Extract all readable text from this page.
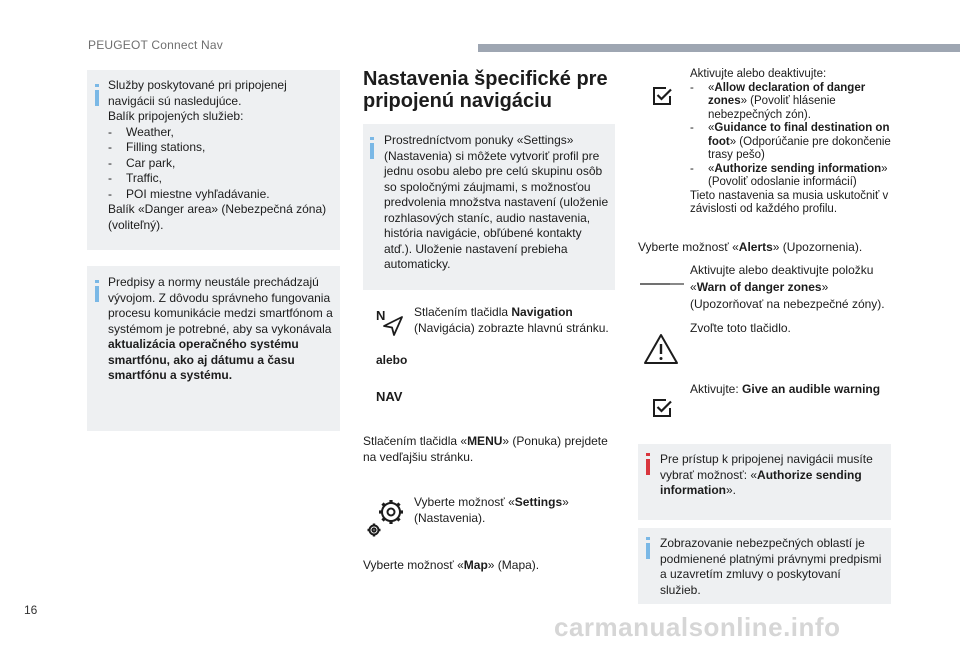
PEUGEOT Connect Nav
Služby poskytované pri pripojenej navigácii sú nasledujúce.
Balík pripojených služieb:
- Weather,
- Filling stations,
- Car park,
- Traffic,
- POI miestne vyhľadávanie.
Balík «Danger area» (Nebezpečná zóna) (voliteľný).
Predpisy a normy neustále prechádzajú vývojom. Z dôvodu správneho fungovania procesu komunikácie medzi smartfónom a systémom je potrebné, aby sa vykonávala aktualizácia operačného systému smartfónu, ako aj dátumu a času smartfónu a systému.
Nastavenia špecifické pre pripojenú navigáciu
Prostredníctvom ponuky «Settings» (Nastavenia) si môžete vytvoriť profil pre jednu osobu alebo pre celú skupinu osôb so spoločnými záujmami, s možnosťou predvolenia množstva nastavení (uloženie rozhlasových staníc, audio nastavenia, história navigácie, obľúbené kontakty atď.). Uloženie nastavení prebieha automaticky.
N
alebo
NAV
Stlačením tlačidla Navigation (Navigácia) zobrazte hlavnú stránku.
Stlačením tlačidla «MENU» (Ponuka) prejdete na vedľajšiu stránku.
Vyberte možnosť «Settings» (Nastavenia).
Vyberte možnosť «Map» (Mapa).
Aktivujte alebo deaktivujte:
- «Allow declaration of danger zones» (Povoliť hlásenie nebezpečných zón).
- «Guidance to final destination on foot» (Odporúčanie pre dokončenie trasy pešo)
- «Authorize sending information» (Povoliť odoslanie informácií)
Tieto nastavenia sa musia uskutočniť v závislosti od každého profilu.
Vyberte možnosť «Alerts» (Upozornenia).
Aktivujte alebo deaktivujte položku «Warn of danger zones» (Upozorňovať na nebezpečné zóny).
Zvoľte toto tlačidlo.
Aktivujte: Give an audible warning
Pre prístup k pripojenej navigácii musíte vybrať možnosť: «Authorize sending information».
Zobrazovanie nebezpečných oblastí je podmienené platnými právnymi predpismi a uzavretím zmluvy o poskytovaní služieb.
16
carmanualsonline.info
